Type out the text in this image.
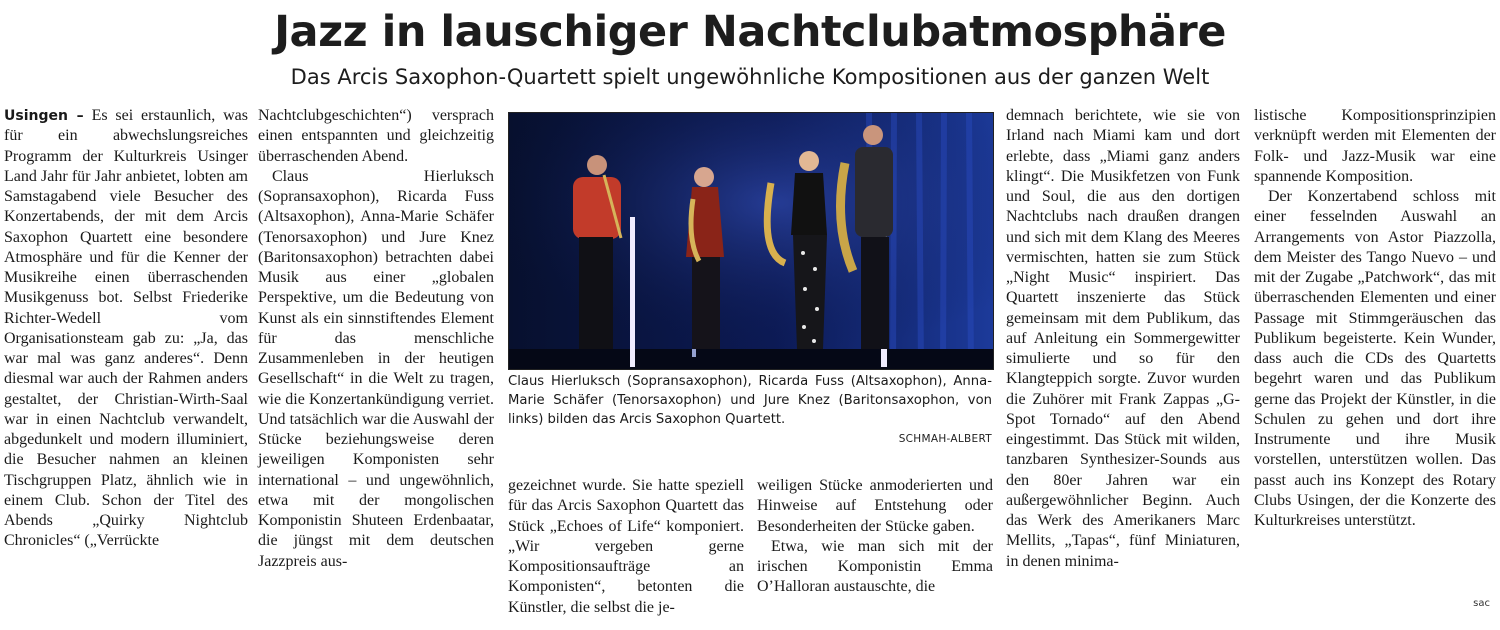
Jazz in lauschiger Nachtclubatmosphäre
Das Arcis Saxophon-Quartett spielt ungewöhnliche Kompositionen aus der ganzen Welt

Usingen – Es sei erstaunlich, was für ein abwechslungsreiches Programm der Kulturkreis Usinger Land Jahr für Jahr anbietet, lobten am Samstagabend viele Besucher des Konzertabends, der mit dem Arcis Saxophon Quartett eine besondere Atmosphäre und für die Kenner der Musikreihe einen überraschenden Musikgenuss bot. Selbst Friederike Richter-Wedell vom Organisationsteam gab zu: „Ja, das war mal was ganz anderes“. Denn diesmal war auch der Rahmen anders gestaltet, der Christian-Wirth-Saal war in einen Nachtclub verwandelt, abgedunkelt und modern illuminiert, die Besucher nahmen an kleinen Tischgruppen Platz, ähnlich wie in einem Club. Schon der Titel des Abends „Quirky Nightclub Chronicles“ („Verrückte

Nachtclubgeschichten“) versprach einen entspannten und gleichzeitig überraschenden Abend.

Claus Hierluksch (Sopransaxophon), Ricarda Fuss (Altsaxophon), Anna-Marie Schäfer (Tenorsaxophon) und Jure Knez (Baritonsaxophon) betrachten dabei Musik aus einer „globalen Perspektive, um die Bedeutung von Kunst als ein sinnstiftendes Element für das menschliche Zusammenleben in der heutigen Gesellschaft“ in die Welt zu tragen, wie die Konzertankündigung verriet. Und tatsächlich war die Auswahl der Stücke beziehungsweise deren jeweiligen Komponisten sehr international – und ungewöhnlich, etwa mit der mongolischen Komponistin Shuteen Erdenbaatar, die jüngst mit dem deutschen Jazzpreis aus-

Claus Hierluksch (Sopransaxophon), Ricarda Fuss (Altsaxophon), Anna-Marie Schäfer (Tenorsaxophon) und Jure Knez (Baritonsaxophon, von links) bilden das Arcis Saxophon Quartett.
SCHMAH-ALBERT

gezeichnet wurde. Sie hatte speziell für das Arcis Saxophon Quartett das Stück „Echoes of Life“ komponiert. „Wir vergeben gerne Kompositionsaufträge an Komponisten“, betonten die Künstler, die selbst die je-

weiligen Stücke anmoderierten und Hinweise auf Entstehung oder Besonderheiten der Stücke gaben.

Etwa, wie man sich mit der irischen Komponistin Emma O’Halloran austauschte, die

demnach berichtete, wie sie von Irland nach Miami kam und dort erlebte, dass „Miami ganz anders klingt“. Die Musikfetzen von Funk und Soul, die aus den dortigen Nachtclubs nach draußen drangen und sich mit dem Klang des Meeres vermischten, hatten sie zum Stück „Night Music“ inspiriert. Das Quartett inszenierte das Stück gemeinsam mit dem Publikum, das auf Anleitung ein Sommergewitter simulierte und so für den Klangteppich sorgte. Zuvor wurden die Zuhörer mit Frank Zappas „G-Spot Tornado“ auf den Abend eingestimmt. Das Stück mit wilden, tanzbaren Synthesizer-Sounds aus den 80er Jahren war ein außergewöhnlicher Beginn. Auch das Werk des Amerikaners Marc Mellits, „Tapas“, fünf Miniaturen, in denen minima-

listische Kompositionsprinzipien verknüpft werden mit Elementen der Folk- und Jazz-Musik war eine spannende Komposition.

Der Konzertabend schloss mit einer fesselnden Auswahl an Arrangements von Astor Piazzolla, dem Meister des Tango Nuevo – und mit der Zugabe „Patchwork“, das mit überraschenden Elementen und einer Passage mit Stimmgeräuschen das Publikum begeisterte. Kein Wunder, dass auch die CDs des Quartetts begehrt waren und das Publikum gerne das Projekt der Künstler, in die Schulen zu gehen und dort ihre Instrumente und ihre Musik vorstellen, unterstützen wollen. Das passt auch ins Konzept des Rotary Clubs Usingen, der die Konzerte des Kulturkreises unterstützt.

sac
